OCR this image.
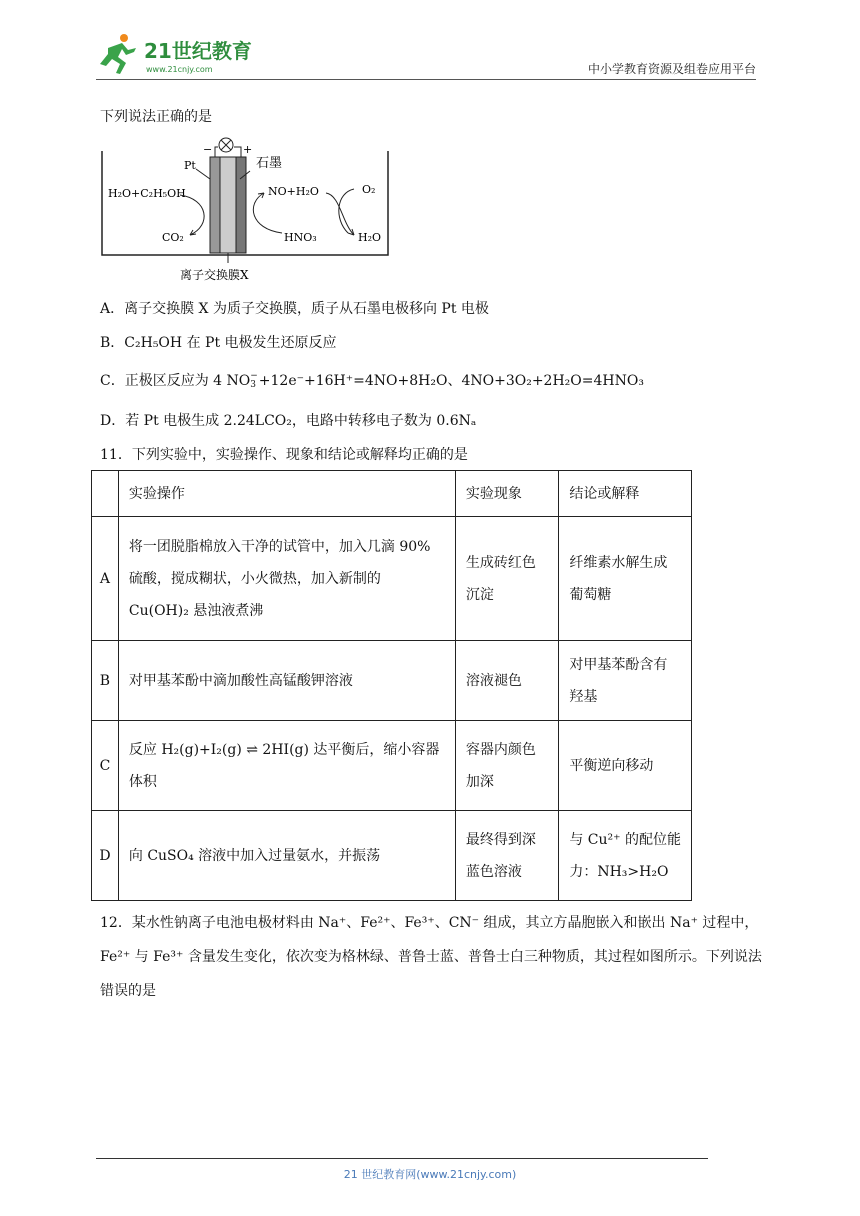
21世纪教育
www.21cnjy.com	中小学教育资源及组卷应用平台
下列说法正确的是
−	+
Pt	石墨
H₂O+C₂H₅OH
CO₂
NO+H₂O
HNO₃
O₂
H₂O
离子交换膜X
A．离子交换膜 X 为质子交换膜，质子从石墨电极移向 Pt 电极
B．C₂H₅OH 在 Pt 电极发生还原反应
C．正极区反应为 4 NO−
3 +12e⁻+16H⁺=4NO+8H₂O、4NO+3O₂+2H₂O=4HNO₃
D．若 Pt 电极生成 2.24LCO₂，电路中转移电子数为 0.6Nₐ
11．下列实验中，实验操作、现象和结论或解释均正确的是
	实验操作	实验现象	结论或解释
A	将一团脱脂棉放入干净的试管中，加入几滴 90% 硫酸，搅成糊状，小火微热，加入新制的 Cu(OH)₂ 悬浊液煮沸	生成砖红色沉淀	纤维素水解生成葡萄糖
B	对甲基苯酚中滴加酸性高锰酸钾溶液	溶液褪色	对甲基苯酚含有羟基
C	反应 H₂(g)+I₂(g) ⇌ 2HI(g) 达平衡后，缩小容器体积	容器内颜色加深	平衡逆向移动
D	向 CuSO₄ 溶液中加入过量氨水，并振荡	最终得到深蓝色溶液	与 Cu²⁺ 的配位能力：NH₃>H₂O
12．某水性钠离子电池电极材料由 Na⁺、Fe²⁺、Fe³⁺、CN⁻ 组成，其立方晶胞嵌入和嵌出 Na⁺ 过程中，Fe²⁺ 与 Fe³⁺ 含量发生变化，依次变为格林绿、普鲁士蓝、普鲁士白三种物质，其过程如图所示。下列说法错误的是
21 世纪教育网(www.21cnjy.com)
